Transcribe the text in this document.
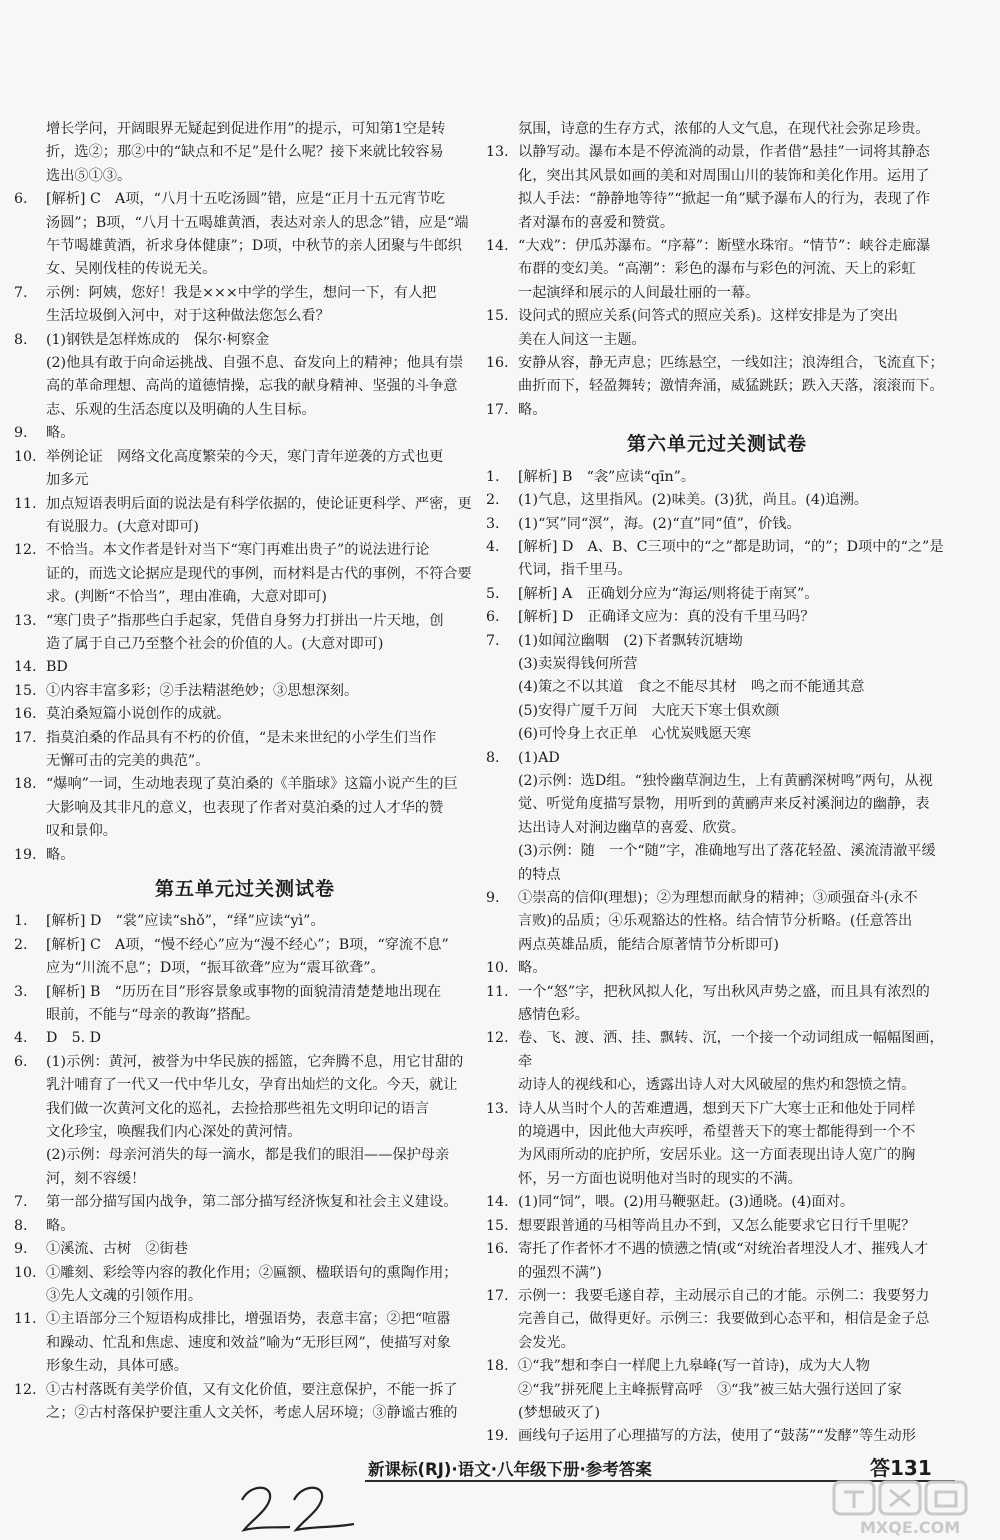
增长学问，开阔眼界无疑起到促进作用”的提示，可知第1空是转
折，选②；那②中的“缺点和不足”是什么呢？接下来就比较容易
选出⑤①③。
6.	[解析] C　A项，“八月十五吃汤圆”错，应是“正月十五元宵节吃
汤圆”；B项，“八月十五喝雄黄酒，表达对亲人的思念”错，应是“端
午节喝雄黄酒，祈求身体健康”；D项，中秋节的亲人团聚与牛郎织
女、吴刚伐桂的传说无关。
7.	示例：阿姨，您好！我是×××中学的学生，想问一下，有人把
生活垃圾倒入河中，对于这种做法您怎么看？
8.	(1)钢铁是怎样炼成的　保尔·柯察金
(2)他具有敢于向命运挑战、自强不息、奋发向上的精神；他具有崇
高的革命理想、高尚的道德情操，忘我的献身精神、坚强的斗争意
志、乐观的生活态度以及明确的人生目标。
9.	略。
10. 举例论证　网络文化高度繁荣的今天，寒门青年逆袭的方式也更
加多元
11. 加点短语表明后面的说法是有科学依据的，使论证更科学、严密，更
有说服力。(大意对即可)
12. 不恰当。本文作者是针对当下“寒门再难出贵子”的说法进行论
证的，而选文论据应是现代的事例，而材料是古代的事例，不符合要
求。(判断“不恰当”，理由准确，大意对即可)
13. “寒门贵子”指那些白手起家，凭借自身努力打拼出一片天地，创
造了属于自己乃至整个社会的价值的人。(大意对即可)
14. BD
15. ①内容丰富多彩；②手法精湛绝妙；③思想深刻。
16. 莫泊桑短篇小说创作的成就。
17. 指莫泊桑的作品具有不朽的价值，“是未来世纪的小学生们当作
无懈可击的完美的典范”。
18. “爆响”一词，生动地表现了莫泊桑的《羊脂球》这篇小说产生的巨
大影响及其非凡的意义，也表现了作者对莫泊桑的过人才华的赞
叹和景仰。
19. 略。
第五单元过关测试卷
1.	[解析] D　“裳”应读“shǒ”，“绎”应读“yì”。
2.	[解析] C　A项，“慢不经心”应为“漫不经心”；B项，“穿流不息”
应为“川流不息”；D项，“振耳欲聋”应为“震耳欲聋”。
3.	[解析] B　“历历在目”形容景象或事物的面貌清清楚楚地出现在
眼前，不能与“母亲的教诲”搭配。
4.	D　5. D
6.	(1)示例：黄河，被誉为中华民族的摇篮，它奔腾不息，用它甘甜的
乳汁哺育了一代又一代中华儿女，孕育出灿烂的文化。今天，就让
我们做一次黄河文化的巡礼，去捡拾那些祖先文明印记的语言
文化珍宝，唤醒我们内心深处的黄河情。
(2)示例：母亲河消失的每一滴水，都是我们的眼泪——保护母亲
河，刻不容缓！
7.	第一部分描写国内战争，第二部分描写经济恢复和社会主义建设。
8.	略。
9.	①溪流、古树　②街巷
10. ①雕刻、彩绘等内容的教化作用；②匾额、楹联语句的熏陶作用；
③先人文魂的引领作用。
11. ①主语部分三个短语构成排比，增强语势，表意丰富；②把“喧嚣
和躁动、忙乱和焦虑、速度和效益”喻为“无形巨网”，使描写对象
形象生动，具体可感。
12. ①古村落既有美学价值，又有文化价值，要注意保护，不能一拆了
之；②古村落保护要注重人文关怀，考虑人居环境；③静谧古雅的
氛围，诗意的生存方式，浓郁的人文气息，在现代社会弥足珍贵。
13. 以静写动。瀑布本是不停流淌的动景，作者借“悬挂”一词将其静态
化，突出其风景如画的美和对周围山川的装饰和美化作用。运用了
拟人手法：“静静地等待”“掀起一角”赋予瀑布人的行为，表现了作
者对瀑布的喜爱和赞赏。
14. “大戏”：伊瓜苏瀑布。“序幕”：断壁水珠帘。“情节”：峡谷走廊瀑
布群的变幻美。“高潮”：彩色的瀑布与彩色的河流、天上的彩虹
一起演绎和展示的人间最壮丽的一幕。
15. 设问式的照应关系(问答式的照应关系)。这样安排是为了突出
美在人间这一主题。
16. 安静从容，静无声息；匹练悬空，一线如注；浪涛组合，飞流直下；
曲折而下，轻盈舞转；激情奔涌，威猛跳跃；跌入天落，滚滚而下。
17. 略。
第六单元过关测试卷
1.	[解析] B　“衾”应读“qīn”。
2.	(1)气息，这里指风。(2)味美。(3)犹，尚且。(4)追溯。
3.	(1)“冥”同“溟”，海。(2)“直”同“值”，价钱。
4.	[解析] D　A、B、C三项中的“之”都是助词，“的”；D项中的“之”是
代词，指千里马。
5.	[解析] A　正确划分应为“海运/则将徒于南冥”。
6.	[解析] D　正确译文应为：真的没有千里马吗？
7.	(1)如闻泣幽咽　(2)下者飘转沉塘坳
(3)卖炭得钱何所营
(4)策之不以其道　食之不能尽其材　鸣之而不能通其意
(5)安得广厦千万间　大庇天下寒士俱欢颜
(6)可怜身上衣正单　心忧炭贱愿天寒
8.	(1)AD
(2)示例：选D组。“独怜幽草涧边生，上有黄鹂深树鸣”两句，从视
觉、听觉角度描写景物，用听到的黄鹂声来反衬溪涧边的幽静，表
达出诗人对涧边幽草的喜爱、欣赏。
(3)示例：随　一个“随”字，准确地写出了落花轻盈、溪流清澈平缓
的特点
9.	①崇高的信仰(理想)；②为理想而献身的精神；③顽强奋斗(永不
言败)的品质；④乐观豁达的性格。结合情节分析略。(任意答出
两点英雄品质，能结合原著情节分析即可)
10. 略。
11. 一个“怒”字，把秋风拟人化，写出秋风声势之盛，而且具有浓烈的
感情色彩。
12. 卷、飞、渡、洒、挂、飘转、沉，一个接一个动词组成一幅幅图画，牵
动诗人的视线和心，透露出诗人对大风破屋的焦灼和怨愤之情。
13. 诗人从当时个人的苦难遭遇，想到天下广大寒士正和他处于同样
的境遇中，因此他大声疾呼，希望普天下的寒士都能得到一个不
为风雨所动的庇护所，安居乐业。这一方面表现出诗人宽广的胸
怀，另一方面也说明他对当时的现实的不满。
14. (1)同“饲”，喂。(2)用马鞭驱赶。(3)通晓。(4)面对。
15. 想要跟普通的马相等尚且办不到，又怎么能要求它日行千里呢？
16. 寄托了作者怀才不遇的愤懑之情(或“对统治者埋没人才、摧残人才
的强烈不满”)
17. 示例一：我要毛遂自荐，主动展示自己的才能。示例二：我要努力
完善自己，做得更好。示例三：我要做到心态平和，相信是金子总
会发光。
18. ①“我”想和李白一样爬上九皋峰(写一首诗)，成为大人物
②“我”拼死爬上主峰振臂高呼　③“我”被三姑大强行送回了家
(梦想破灭了)
19. 画线句子运用了心理描写的方法，使用了“鼓荡”“发酵”等生动形
新课标(RJ)·语文·八年级下册·参考答案	答131
MXQE.COM
